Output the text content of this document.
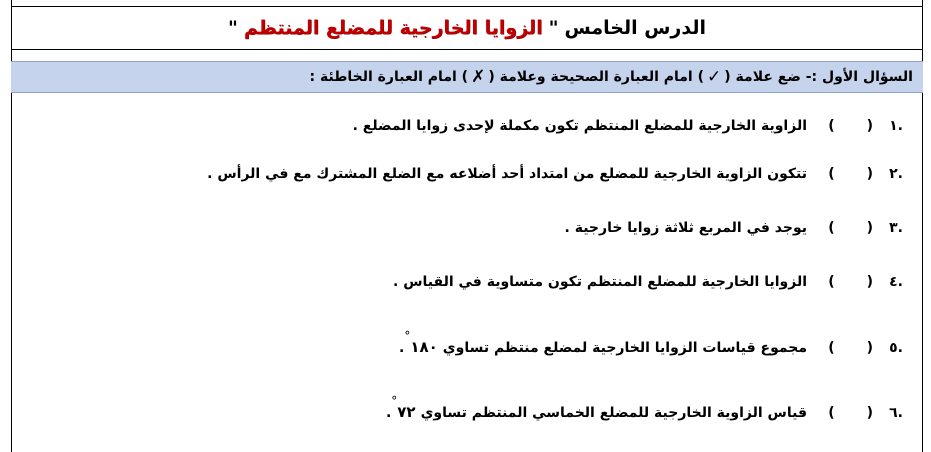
الدرس الخامس
"
الزوايا الخارجية للمضلع المنتظم
"
السؤال الأول :- ضع علامة (
✓
) امام العبارة الصحيحة وعلامة (
✗
) امام العبارة الخاطئة :
.١
()
الزاوية الخارجية للمضلع المنتظم تكون مكملة لإحدى زوايا المضلع .
.٢
()
تتكون الزاوية الخارجية للمضلع من امتداد أحد أضلاعه مع الضلع المشترك مع في الرأس .
.٣
()
يوجد في المربع ثلاثة زوايا خارجية .
.٤
()
الزوايا الخارجية للمضلع المنتظم تكون متساوية في القياس .
.٥
()
مجموع قياسات الزوايا الخارجية لمضلع منتظم تساوي
١٨٠°
.
.٦
()
قياس الزاوية الخارجية للمضلع الخماسي المنتظم تساوي
٧٢°
.
